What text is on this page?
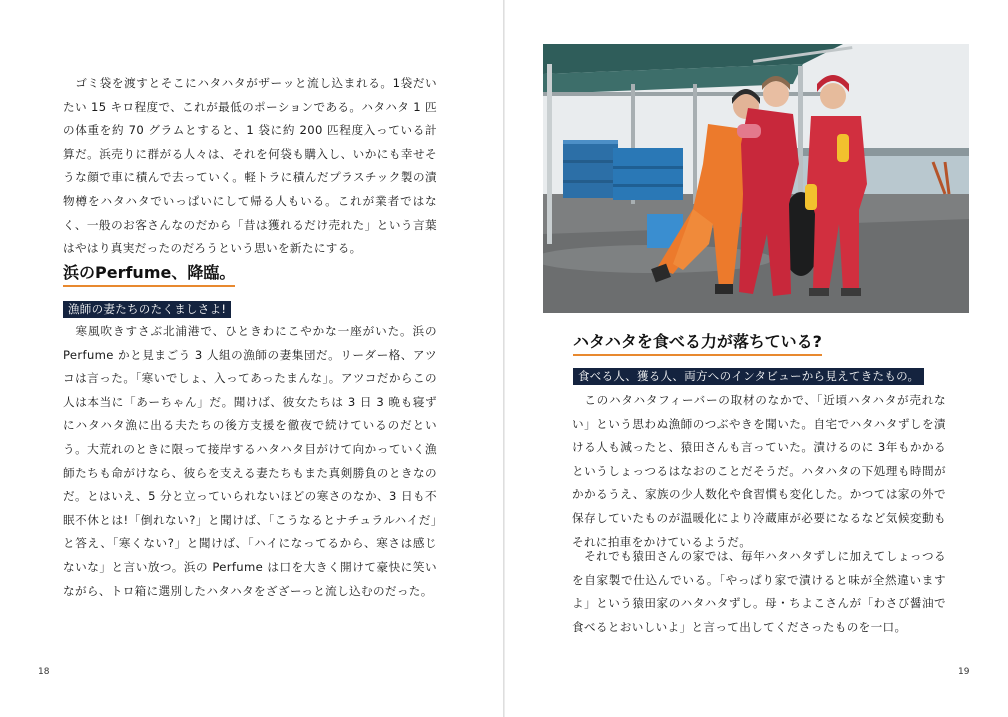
　ゴミ袋を渡すとそこにハタハタがザーッと流し込まれる。1袋だいたい 15 キロ程度で、これが最低のポーションである。ハタハタ 1 匹の体重を約 70 グラムとすると、1 袋に約 200 匹程度入っている計算だ。浜売りに群がる人々は、それを何袋も購入し、いかにも幸せそうな顔で車に積んで去っていく。軽トラに積んだプラスチック製の漬物樽をハタハタでいっぱいにして帰る人もいる。これが業者ではなく、一般のお客さんなのだから「昔は獲れるだけ売れた」という言葉はやはり真実だったのだろうという思いを新たにする。

浜のPerfume、降臨。

漁師の妻たちのたくましさよ!

　寒風吹きすさぶ北浦港で、ひときわにこやかな一座がいた。浜の Perfume かと見まごう 3 人組の漁師の妻集団だ。リーダー格、アツコは言った。「寒いでしょ、入ってあったまんな」。アツコだからこの人は本当に「あーちゃん」だ。聞けば、彼女たちは 3 日 3 晩も寝ずにハタハタ漁に出る夫たちの後方支援を徹夜で続けているのだという。大荒れのときに限って接岸するハタハタ目がけて向かっていく漁師たちも命がけなら、彼らを支える妻たちもまた真剣勝負のときなのだ。とはいえ、5 分と立っていられないほどの寒さのなか、3 日も不眠不休とは!「倒れない?」と聞けば、「こうなるとナチュラルハイだ」と答え、「寒くない?」と聞けば、「ハイになってるから、寒さは感じないな」と言い放つ。浜の Perfume は口を大きく開けて豪快に笑いながら、トロ箱に選別したハタハタをざざーっと流し込むのだった。

18	19
ハタハタを食べる力が落ちている?

食べる人、獲る人、両方へのインタビューから見えてきたもの。

　このハタハタフィーバーの取材のなかで、「近頃ハタハタが売れない」という思わぬ漁師のつぶやきを聞いた。自宅でハタハタずしを漬ける人も減ったと、猿田さんも言っていた。漬けるのに 3年もかかるというしょっつるはなおのことだそうだ。ハタハタの下処理も時間がかかるうえ、家族の少人数化や食習慣も変化した。かつては家の外で保存していたものが温暖化により冷蔵庫が必要になるなど気候変動もそれに拍車をかけているようだ。

　それでも猿田さんの家では、毎年ハタハタずしに加えてしょっつるを自家製で仕込んでいる。「やっぱり家で漬けると味が全然違いますよ」という猿田家のハタハタずし。母・ちよこさんが「わさび醤油で食べるとおいしいよ」と言って出してくださったものを一口。
